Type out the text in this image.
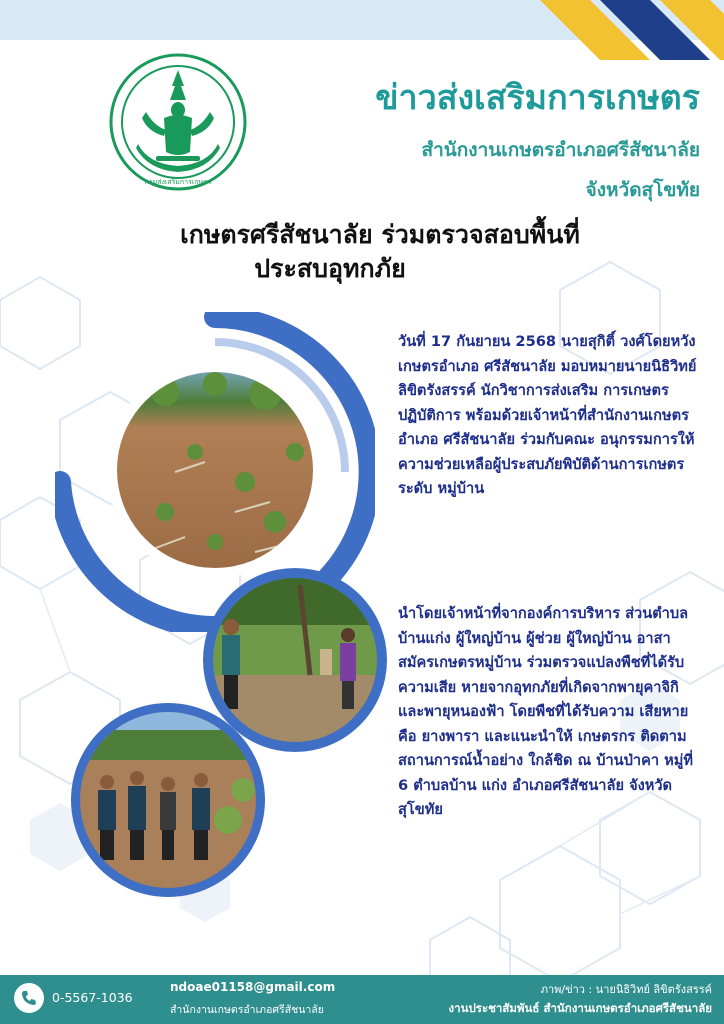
กรมส่งเสริมการเกษตร
ข่าวส่งเสริมการเกษตร
สำนักงานเกษตรอำเภอศรีสัชนาลัย
จังหวัดสุโขทัย
เกษตรศรีสัชนาลัย ร่วมตรวจสอบพื้นที่
ประสบอุทกภัย
วันที่ 17 กันยายน 2568 นายสุกิติ์ วงศ์โดยหวัง เกษตรอำเภอ ศรีสัชนาลัย มอบหมายนายนิธิวิทย์ ลิขิตรังสรรค์ นักวิชาการส่งเสริม การเกษตรปฏิบัติการ พร้อมด้วยเจ้าหน้าที่สำนักงานเกษตรอำเภอ ศรีสัชนาลัย ร่วมกับคณะ อนุกรรมการให้ความช่วยเหลือผู้ประสบภัยพิบัติด้านการเกษตรระดับ หมู่บ้าน
นำโดยเจ้าหน้าที่จากองค์การบริหาร ส่วนตำบลบ้านแก่ง ผู้ใหญ่บ้าน ผู้ช่วย ผู้ใหญ่บ้าน อาสาสมัครเกษตรหมู่บ้าน ร่วมตรวจแปลงพืชที่ได้รับความเสีย หายจากอุทกภัยที่เกิดจากพายุคาจิกิ และพายุหนองฟ้า โดยพืชที่ได้รับความ เสียหายคือ ยางพารา และแนะนำให้ เกษตรกร ติดตามสถานการณ์น้ำอย่าง ใกล้ชิด ณ บ้านป่าคา หมู่ที่ 6 ตำบลบ้าน แก่ง อำเภอศรีสัชนาลัย จังหวัดสุโขทัย
0-5567-1036
ndoae01158@gmail.com
สำนักงานเกษตรอำเภอศรีสัชนาลัย
ภาพ/ข่าว : นายนิธิวิทย์ ลิขิตรังสรรค์
งานประชาสัมพันธ์ สำนักงานเกษตรอำเภอศรีสัชนาลัย
